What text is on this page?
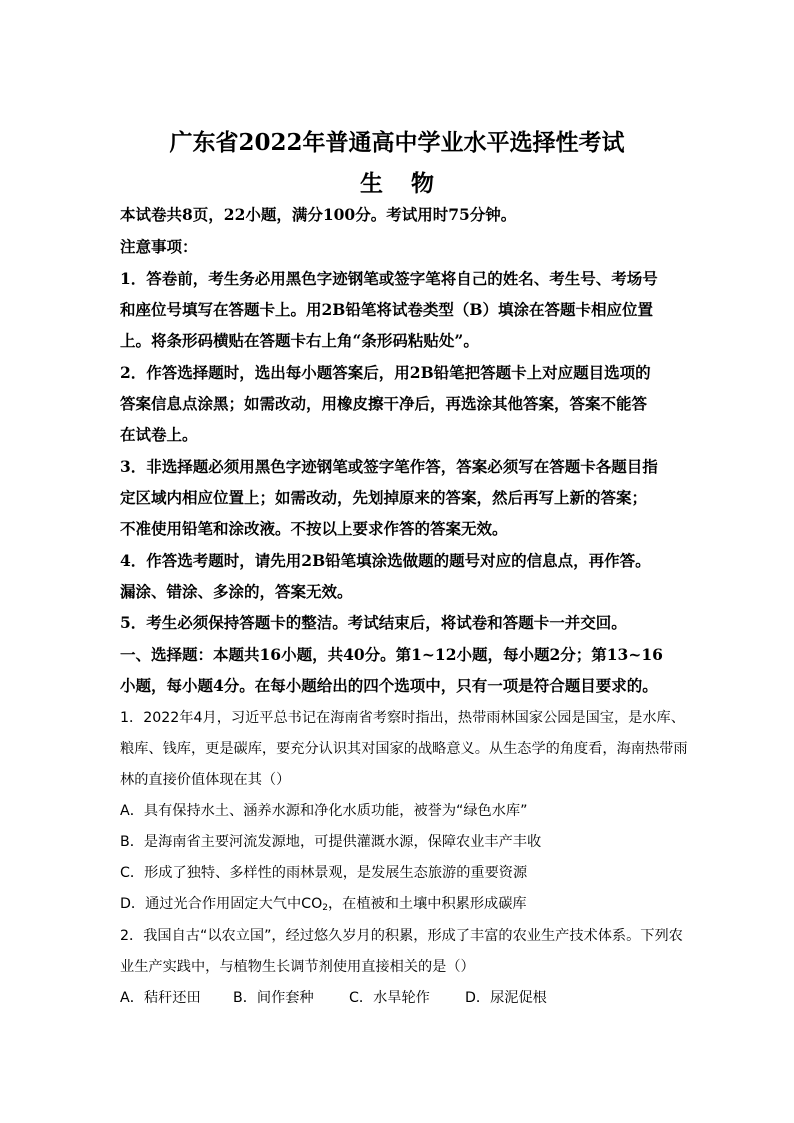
广东省2022年普通高中学业水平选择性考试
生物
本试卷共8页，22小题，满分100分。考试用时75分钟。
注意事项：
1．答卷前，考生务必用黑色字迹钢笔或签字笔将自己的姓名、考生号、考场号
和座位号填写在答题卡上。用2B铅笔将试卷类型（B）填涂在答题卡相应位置
上。将条形码横贴在答题卡右上角“条形码粘贴处”。
2．作答选择题时，选出每小题答案后，用2B铅笔把答题卡上对应题目选项的
答案信息点涂黑；如需改动，用橡皮擦干净后，再选涂其他答案，答案不能答
在试卷上。
3．非选择题必须用黑色字迹钢笔或签字笔作答，答案必须写在答题卡各题目指
定区域内相应位置上；如需改动，先划掉原来的答案，然后再写上新的答案；
不准使用铅笔和涂改液。不按以上要求作答的答案无效。
4．作答选考题时，请先用2B铅笔填涂选做题的题号对应的信息点，再作答。
漏涂、错涂、多涂的，答案无效。
5．考生必须保持答题卡的整洁。考试结束后，将试卷和答题卡一并交回。
一、选择题：本题共16小题，共40分。第1~12小题，每小题2分；第13~16
小题，每小题4分。在每小题给出的四个选项中，只有一项是符合题目要求的。
1．2022年4月，习近平总书记在海南省考察时指出，热带雨林国家公园是国宝，是水库、
粮库、钱库，更是碳库，要充分认识其对国家的战略意义。从生态学的角度看，海南热带雨
林的直接价值体现在其（）
A．具有保持水土、涵养水源和净化水质功能，被誉为“绿色水库”
B．是海南省主要河流发源地，可提供灌溉水源，保障农业丰产丰收
C．形成了独特、多样性的雨林景观，是发展生态旅游的重要资源
D．通过光合作用固定大气中$CO_2$，在植被和土壤中积累形成碳库
2．我国自古“以农立国”，经过悠久岁月的积累，形成了丰富的农业生产技术体系。下列农
业生产实践中，与植物生长调节剂使用直接相关的是（）
A．秸秆还田 B．间作套种 C．水旱轮作 D．尿泥促根
